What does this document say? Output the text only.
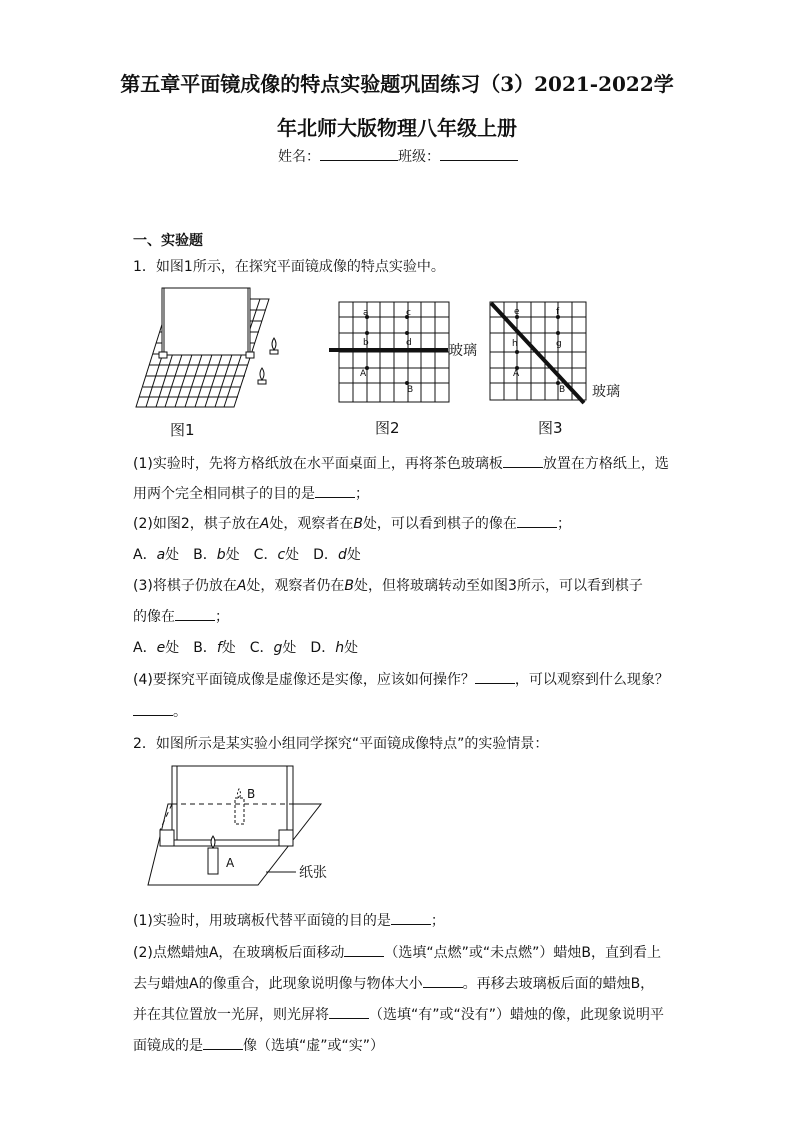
第五章平面镜成像的特点实验题巩固练习（3）2021-2022学
年北师大版物理八年级上册
姓名：	班级：
一、实验题
1．如图1所示，在探究平面镜成像的特点实验中。
图1
a	c
b	d
A
B
玻璃
图2
e	f
h	g
A
B 玻璃
图3
(1)实验时，先将方格纸放在水平面桌面上，再将茶色玻璃板	放置在方格纸上，选
用两个完全相同棋子的目的是	；
(2)如图2，棋子放在A处，观察者在B处，可以看到棋子的像在	；
A．a处　B．b处　C．c处　D．d处
(3)将棋子仍放在A处，观察者仍在B处，但将玻璃转动至如图3所示，可以看到棋子
的像在	；
A．e处　B．f处　C．g处　D．h处
(4)要探究平面镜成像是虚像还是实像，应该如何操作？	，可以观察到什么现象？
。
2．如图所示是某实验小组同学探究“平面镜成像特点”的实验情景：
B
A
纸张
(1)实验时，用玻璃板代替平面镜的目的是	；
(2)点燃蜡烛A，在玻璃板后面移动	（选填“点燃”或“未点燃”）蜡烛B，直到看上
去与蜡烛A的像重合，此现象说明像与物体大小	。再移去玻璃板后面的蜡烛B，
并在其位置放一光屏，则光屏将	（选填“有”或“没有”）蜡烛的像，此现象说明平
面镜成的是	像（选填“虚”或“实”）
